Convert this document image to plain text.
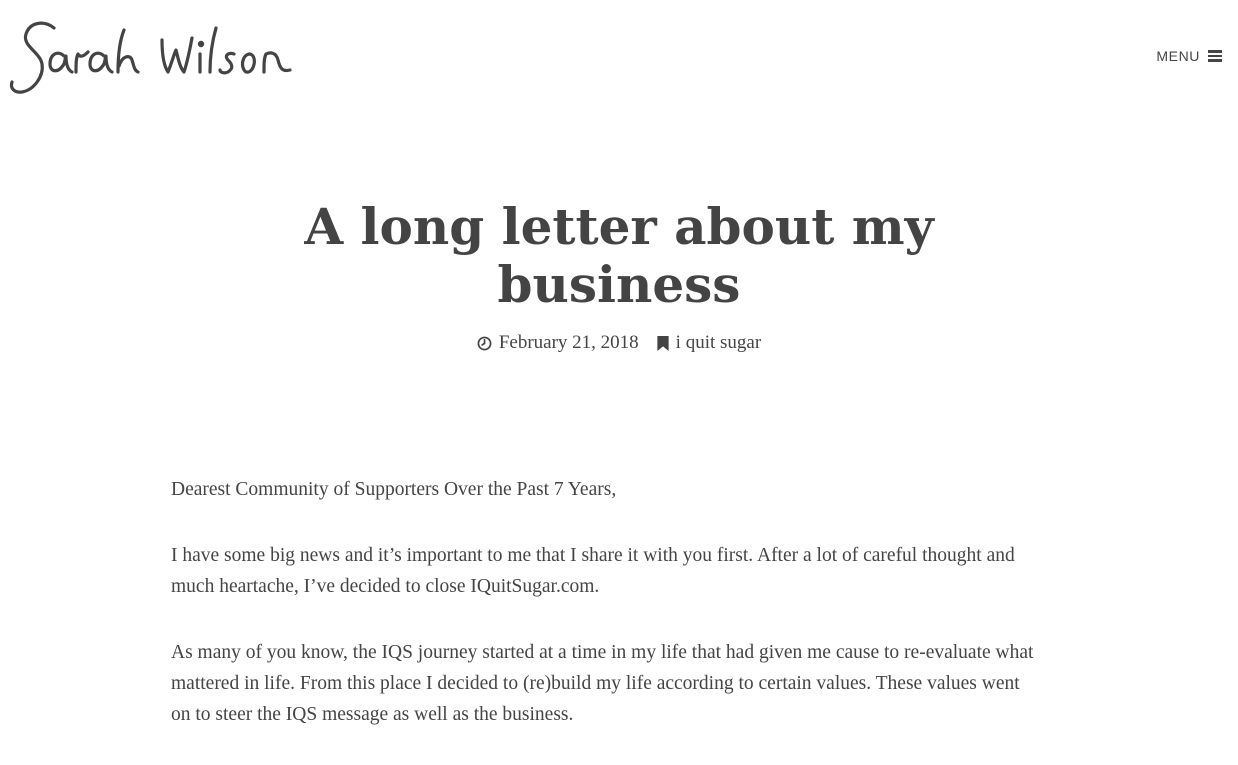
MENU
A long letter about my
business
February 21, 2018 i quit sugar

Dearest Community of Supporters Over the Past 7 Years,

I have some big news and it’s important to me that I share it with you first. After a lot of careful thought and much heartache, I’ve decided to close IQuitSugar.com.

As many of you know, the IQS journey started at a time in my life that had given me cause to re-evaluate what mattered in life. From this place I decided to (re)build my life according to certain values. These values went on to steer the IQS message as well as the business.
